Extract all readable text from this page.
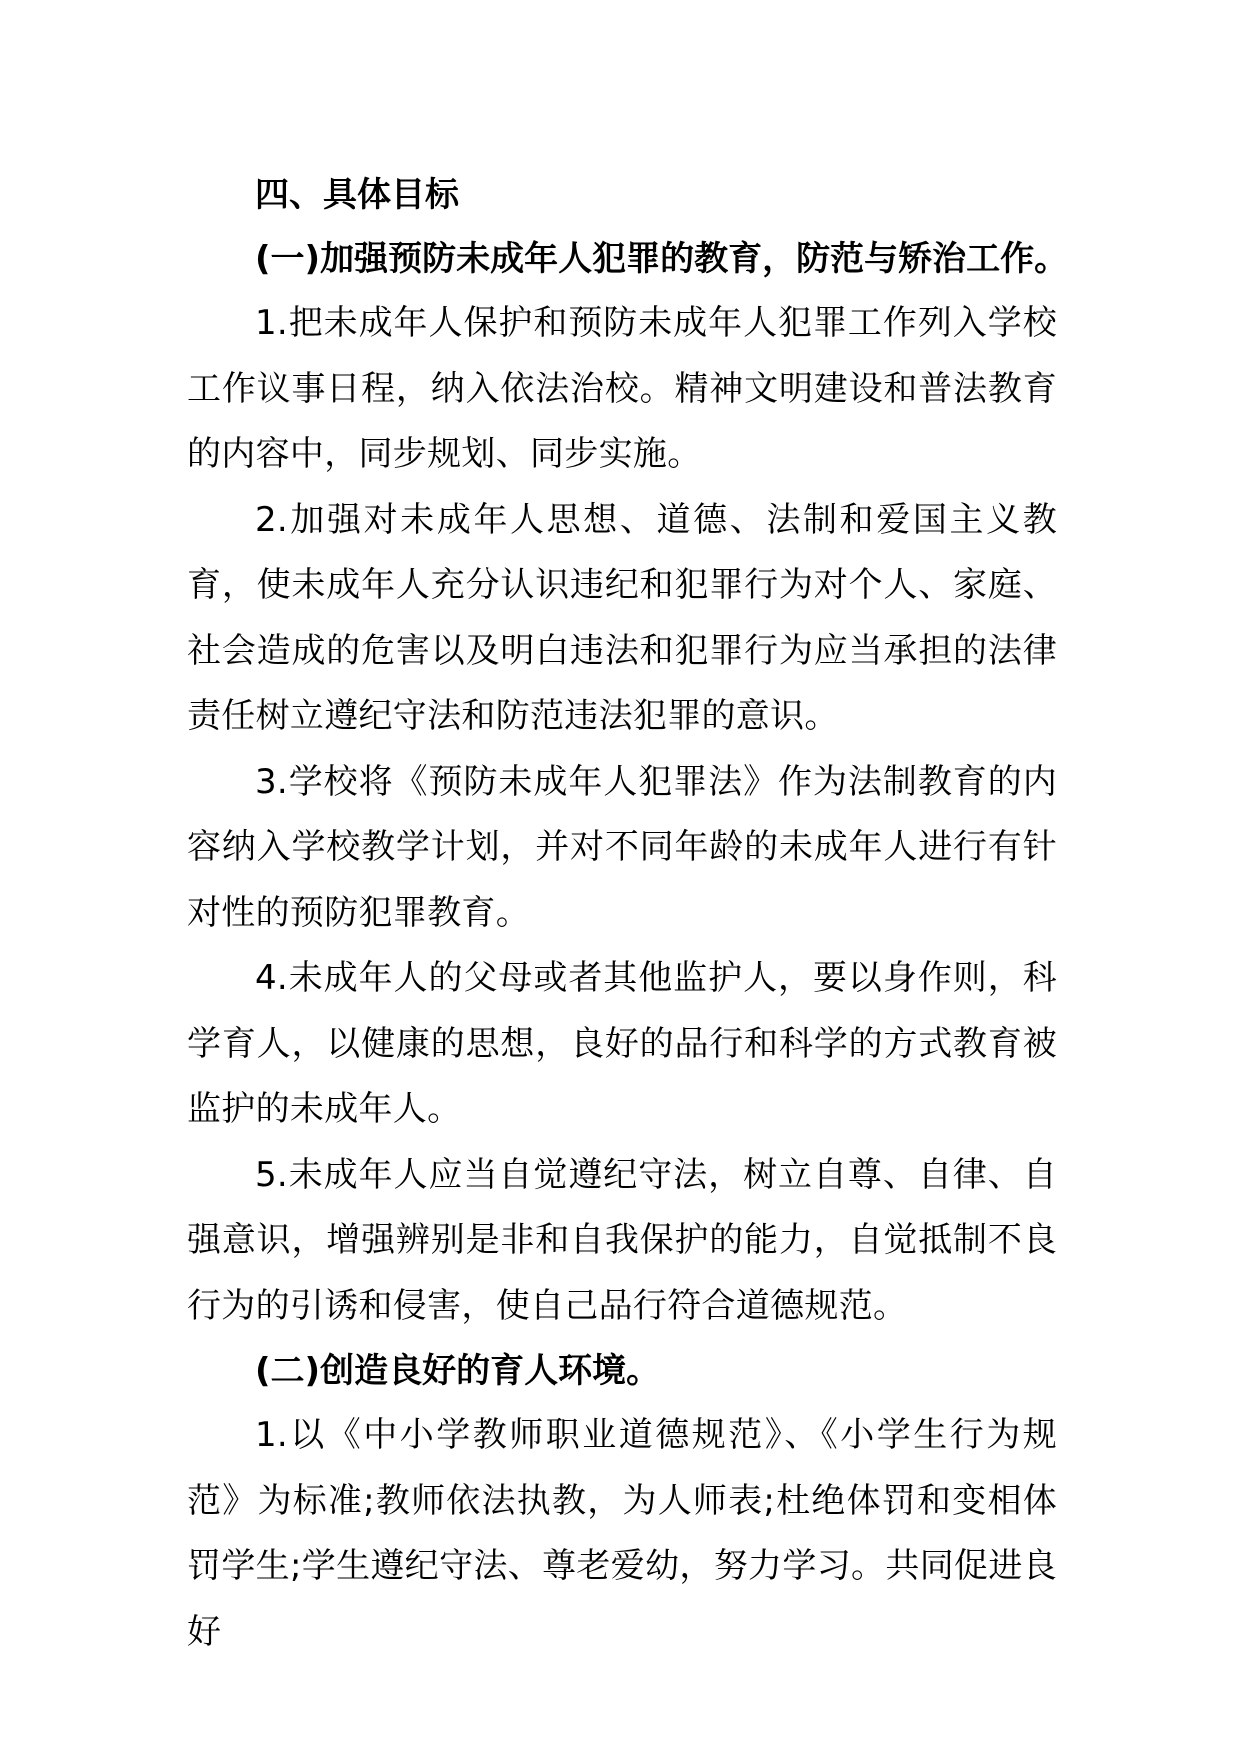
四、具体目标

(一)加强预防未成年人犯罪的教育，防范与矫治工作。

1.把未成年人保护和预防未成年人犯罪工作列入学校工作议事日程，纳入依法治校。精神文明建设和普法教育的内容中，同步规划、同步实施。

2.加强对未成年人思想、道德、法制和爱国主义教育，使未成年人充分认识违纪和犯罪行为对个人、家庭、社会造成的危害以及明白违法和犯罪行为应当承担的法律责任树立遵纪守法和防范违法犯罪的意识。

3.学校将《预防未成年人犯罪法》作为法制教育的内容纳入学校教学计划，并对不同年龄的未成年人进行有针对性的预防犯罪教育。

4.未成年人的父母或者其他监护人，要以身作则，科学育人，以健康的思想，良好的品行和科学的方式教育被监护的未成年人。

5.未成年人应当自觉遵纪守法，树立自尊、自律、自强意识，增强辨别是非和自我保护的能力，自觉抵制不良行为的引诱和侵害，使自己品行符合道德规范。

(二)创造良好的育人环境。

1.以《中小学教师职业道德规范》、《小学生行为规范》为标准;教师依法执教，为人师表;杜绝体罚和变相体罚学生;学生遵纪守法、尊老爱幼，努力学习。共同促进良好
